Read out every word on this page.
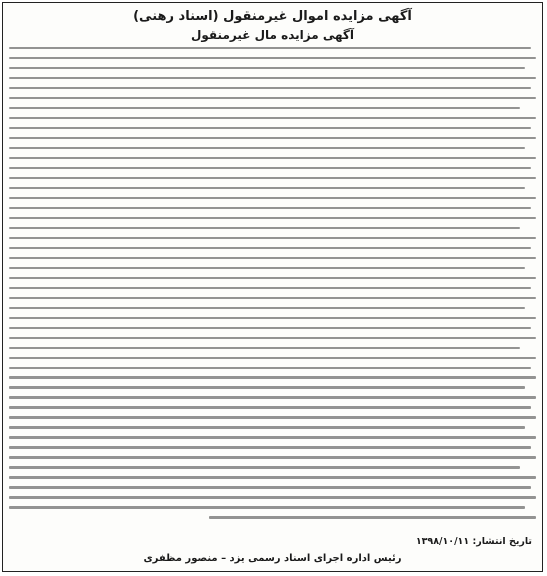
آگهی مزایده اموال غیرمنقول (اسناد رهنی)
آگهی مزایده مال غیرمنقول
تاریخ انتشار: ۱۳۹۸/۱۰/۱۱
رئیس اداره اجرای اسناد رسمی یزد – منصور مظفری
